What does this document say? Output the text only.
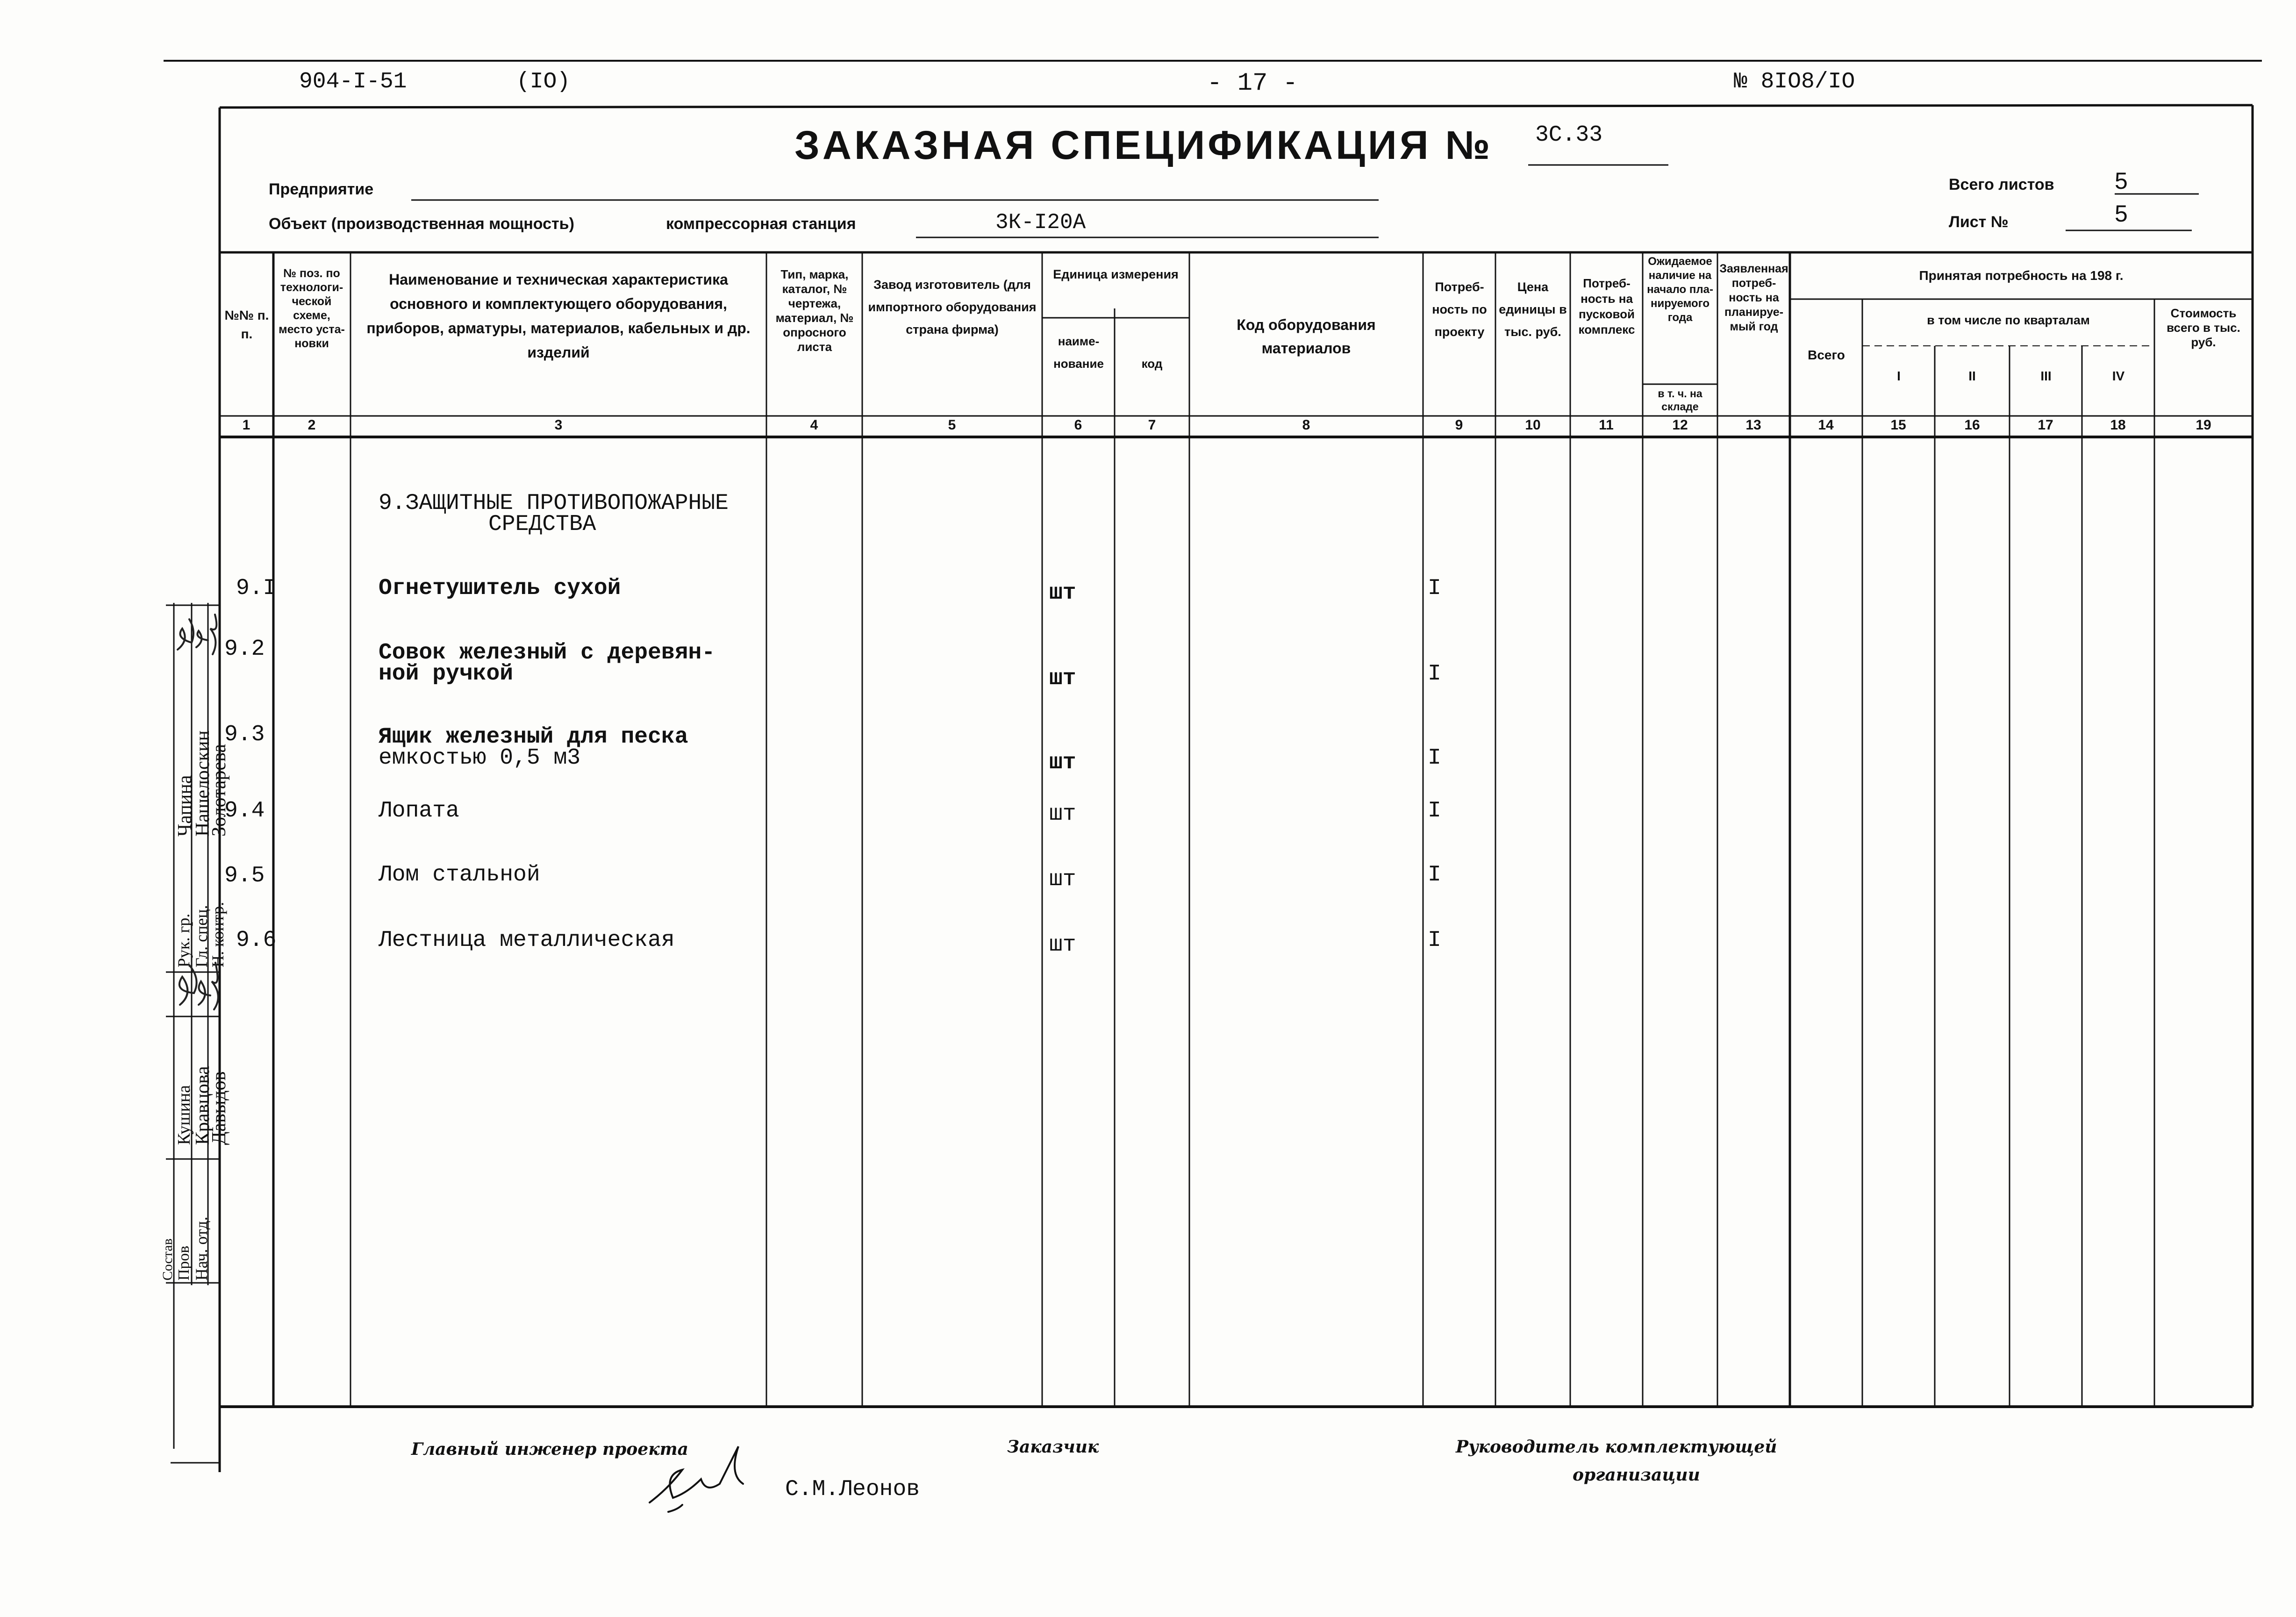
904-I-51	(IO)	- 17 -	№ 8IO8/IO
ЗАКАЗНАЯ СПЕЦИФИКАЦИЯ № 3С.33
Предприятие
Объект (производственная мощность)	компрессорная станция	3К-I20А
Всего листов	5
Лист №	5
№№ п. п.
№ поз. по технологической схеме, место установки
Наименование и техническая характеристика основного и комплектующего оборудования, приборов, арматуры, материалов, кабельных и др. изделий
Тип, марка, каталог, № чертежа, материал, № опросного листа
Завод изготовитель (для импортного оборудования страна фирма)
Единица измерения
наименование	код
Код оборудования материалов
Потребность по проекту
Цена единицы в тыс. руб.
Потребность на пусковой комплекс
Ожидаемое наличие на начало планируемого года
в т. ч. на складе
Заявленная потребность на планируемый год
Принятая потребность на 198 г.
Всего
в том числе по кварталам
I	II	III	IV
Стоимость всего в тыс. руб.
1	2	3	4	5	6	7	8	9	10	11	12	13	14	15	16	17	18	19
9.ЗАЩИТНЫЕ ПРОТИВОПОЖАРНЫЕ
СРЕДСТВА
9.I	Огнетушитель сухой	шт	I
9.2	Совок железный с деревян-
ной ручкой	шт	I
9.3	Ящик железный для песка
емкостью 0,5 м3	шт	I
9.4	Лопата	шт	I
9.5	Лом стальной	шт	I
9.6	Лестница металлическая	шт	I
Рук. гр.
Гл. спец.
Н. контр.
Нач. отд.
Пров
Состав
Чапина
Нашелоскин
Золотарева
Кравцова
Давыдов
Кушина
Главный инженер проекта
С.М.Леонов
Заказчик	Руководитель комплектующей
организации
